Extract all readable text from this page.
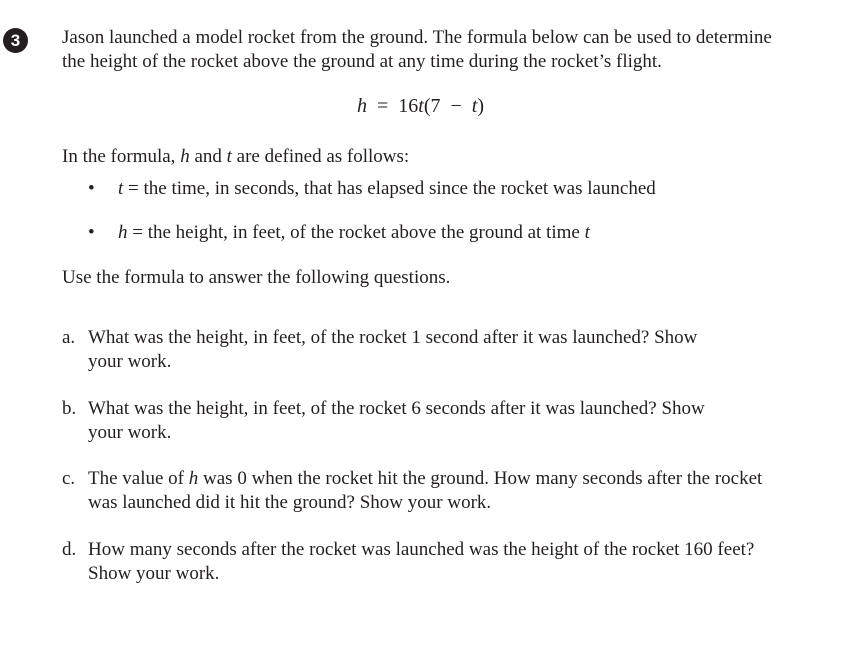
3	Jason launched a model rocket from the ground. The formula below can be used to determine
the height of the rocket above the ground at any time during the rocket’s flight.
h = 16t(7 − t)
In the formula, h and t are defined as follows:
• t = the time, in seconds, that has elapsed since the rocket was launched
• h = the height, in feet, of the rocket above the ground at time t
Use the formula to answer the following questions.
a. What was the height, in feet, of the rocket 1 second after it was launched? Show
your work.
b. What was the height, in feet, of the rocket 6 seconds after it was launched? Show
your work.
c. The value of h was 0 when the rocket hit the ground. How many seconds after the rocket
was launched did it hit the ground? Show your work.
d. How many seconds after the rocket was launched was the height of the rocket 160 feet?
Show your work.
